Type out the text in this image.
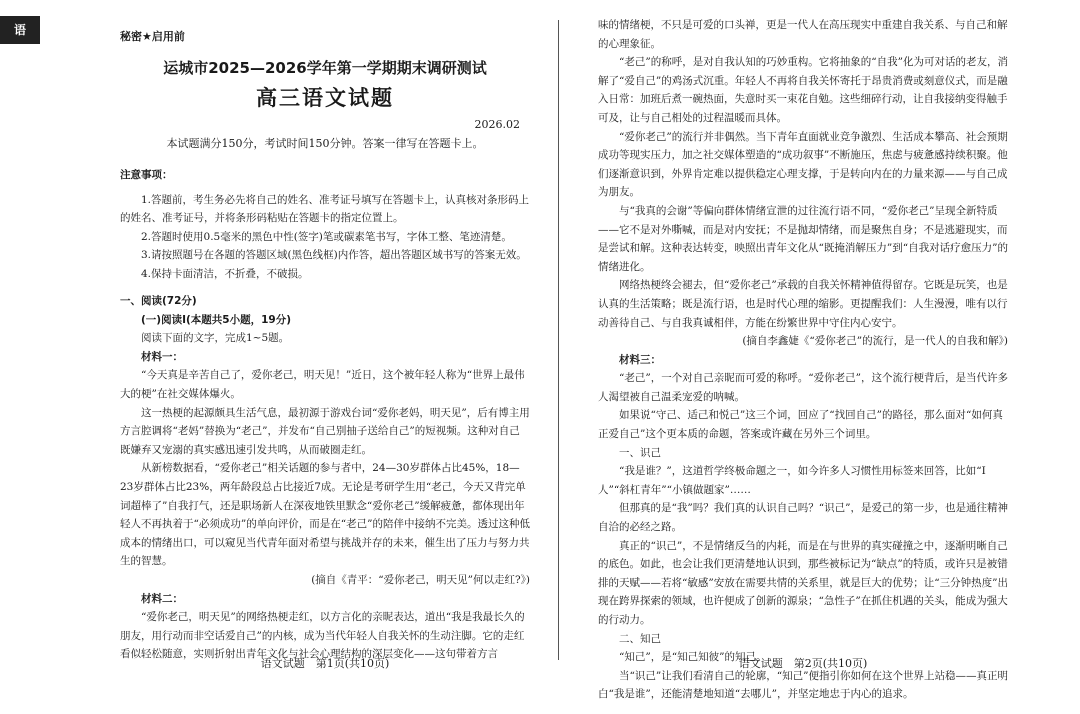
语	秘密★启用前
运城市2025—2026学年第一学期期末调研测试
高三语文试题
2026.02
本试题满分150分，考试时间150分钟。答案一律写在答题卡上。

注意事项：

1.答题前，考生务必先将自己的姓名、准考证号填写在答题卡上，认真核对条形码上的姓名、准考证号，并将条形码粘贴在答题卡的指定位置上。

2.答题时使用0.5毫米的黑色中性(签字)笔或碳素笔书写，字体工整、笔迹清楚。

3.请按照题号在各题的答题区域(黑色线框)内作答，超出答题区域书写的答案无效。

4.保持卡面清洁，不折叠，不破损。

一、阅读(72分)

(一)阅读Ⅰ(本题共5小题，19分)

阅读下面的文字，完成1~5题。

材料一：

“今天真是辛苦自己了，爱你老己，明天见！”近日，这个被年轻人称为“世界上最伟大的梗”在社交媒体爆火。

这一热梗的起源颇具生活气息，最初源于游戏台词“爱你老妈，明天见”，后有博主用方言腔调将“老妈”替换为“老己”，并发布“自己别抽子送给自己”的短视频。这种对自己既嫌弃又宠溺的真实感迅速引发共鸣，从而破圈走红。

从新榜数据看，“爱你老己”相关话题的参与者中，24—30岁群体占比45%，18—23岁群体占比23%，两年龄段总占比接近7成。无论是考研学生用“老己，今天又背完单词超棒了”自我打气，还是职场新人在深夜地铁里默念“爱你老己”缓解疲惫，都体现出年轻人不再执着于“必须成功”的单向评价，而是在“老己”的陪伴中接纳不完美。透过这种低成本的情绪出口，可以窥见当代青年面对希望与挑战并存的未来，催生出了压力与努力共生的智慧。

(摘自《青平：“爱你老己，明天见”何以走红?》)

材料二：

“爱你老己，明天见”的网络热梗走红，以方言化的亲昵表达，道出“我是我最长久的朋友，用行动而非空话爱自己”的内核，成为当代年轻人自我关怀的生动注脚。它的走红看似轻松随意，实则折射出青年文化与社会心理结构的深层变化——这句带着方言

语文试题　第1页(共10页)

味的情绪梗，不只是可爱的口头禅，更是一代人在高压现实中重建自我关系、与自己和解的心理象征。

“老己”的称呼，是对自我认知的巧妙重构。它将抽象的“自我”化为可对话的老友，消解了“爱自己”的鸡汤式沉重。年轻人不再将自我关怀寄托于昂贵消费或刻意仪式，而是融入日常：加班后煮一碗热面，失意时买一束花自勉。这些细碎行动，让自我接纳变得触手可及，让与自己相处的过程温暖而具体。

“爱你老己”的流行并非偶然。当下青年直面就业竞争激烈、生活成本攀高、社会预期成功等现实压力，加之社交媒体塑造的“成功叙事”不断施压，焦虑与疲惫感持续积聚。他们逐渐意识到，外界肯定难以提供稳定心理支撑，于是转向内在的力量来源——与自己成为朋友。

与“我真的会谢”等偏向群体情绪宣泄的过往流行语不同，“爱你老己”呈现全新特质——它不是对外嘶喊，而是对内安抚；不是抛却情绪，而是聚焦自身；不是逃避现实，而是尝试和解。这种表达转变，映照出青年文化从“既掩消解压力”到“自我对话疗愈压力”的情绪进化。

网络热梗终会褪去，但“爱你老己”承载的自我关怀精神值得留存。它既是玩笑，也是认真的生活策略；既是流行语，也是时代心理的缩影。更提醒我们：人生漫漫，唯有以行动善待自己、与自我真诚相伴，方能在纷繁世界中守住内心安宁。

(摘自李鑫婕《“爱你老己”的流行，是一代人的自我和解》)

材料三：

“老己”，一个对自己亲昵而可爱的称呼。“爱你老己”，这个流行梗背后，是当代许多人渴望被自己温柔宠爱的呐喊。

如果说“守己、适己和悦己”这三个词，回应了“找回自己”的路径，那么面对“如何真正爱自己”这个更本质的命题，答案或许藏在另外三个词里。

一、识己

“我是谁？”，这道哲学终极命题之一，如今许多人习惯性用标签来回答，比如“I人”“斜杠青年”“小镇做题家”……

但那真的是“我”吗？我们真的认识自己吗？“识己”，是爱己的第一步，也是通往精神自洽的必经之路。

真正的“识己”，不是情绪反刍的内耗，而是在与世界的真实碰撞之中，逐渐明晰自己的底色。如此，也会让我们更清楚地认识到，那些被标记为“缺点”的特质，或许只是被错排的天赋——若将“敏感”安放在需要共情的关系里，就是巨大的优势；让“三分钟热度”出现在跨界探索的领域，也许便成了创新的源泉；“急性子”在抓住机遇的关头，能成为强大的行动力。

二、知己

“知己”，是“知己知彼”的知己。

当“识己”让我们看清自己的轮廓，“知己”便指引你如何在这个世界上站稳——真正明白“我是谁”，还能清楚地知道“去哪儿”，并坚定地忠于内心的追求。

语文试题　第2页(共10页)
